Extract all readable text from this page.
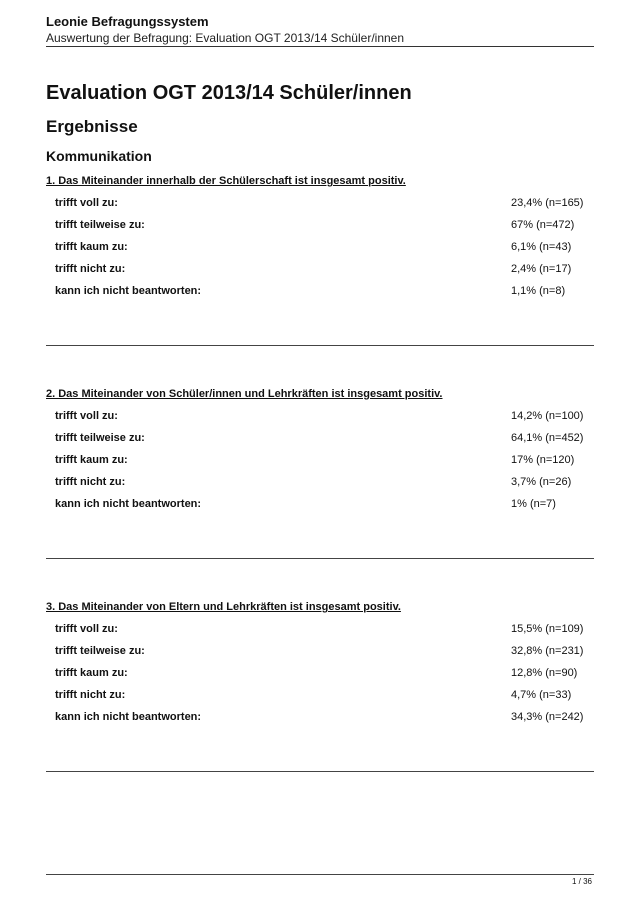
Leonie Befragungssystem
Auswertung der Befragung: Evaluation OGT 2013/14 Schüler/innen
Evaluation OGT 2013/14 Schüler/innen
Ergebnisse
Kommunikation
1. Das Miteinander innerhalb der Schülerschaft ist insgesamt positiv.
trifft voll zu:	23,4% (n=165)
trifft teilweise zu:	67% (n=472)
trifft kaum zu:	6,1% (n=43)
trifft nicht zu:	2,4% (n=17)
kann ich nicht beantworten:	1,1% (n=8)
2. Das Miteinander von Schüler/innen und Lehrkräften ist insgesamt positiv.
trifft voll zu:	14,2% (n=100)
trifft teilweise zu:	64,1% (n=452)
trifft kaum zu:	17% (n=120)
trifft nicht zu:	3,7% (n=26)
kann ich nicht beantworten:	1% (n=7)
3. Das Miteinander von Eltern und Lehrkräften ist insgesamt positiv.
trifft voll zu:	15,5% (n=109)
trifft teilweise zu:	32,8% (n=231)
trifft kaum zu:	12,8% (n=90)
trifft nicht zu:	4,7% (n=33)
kann ich nicht beantworten:	34,3% (n=242)
1 / 36
